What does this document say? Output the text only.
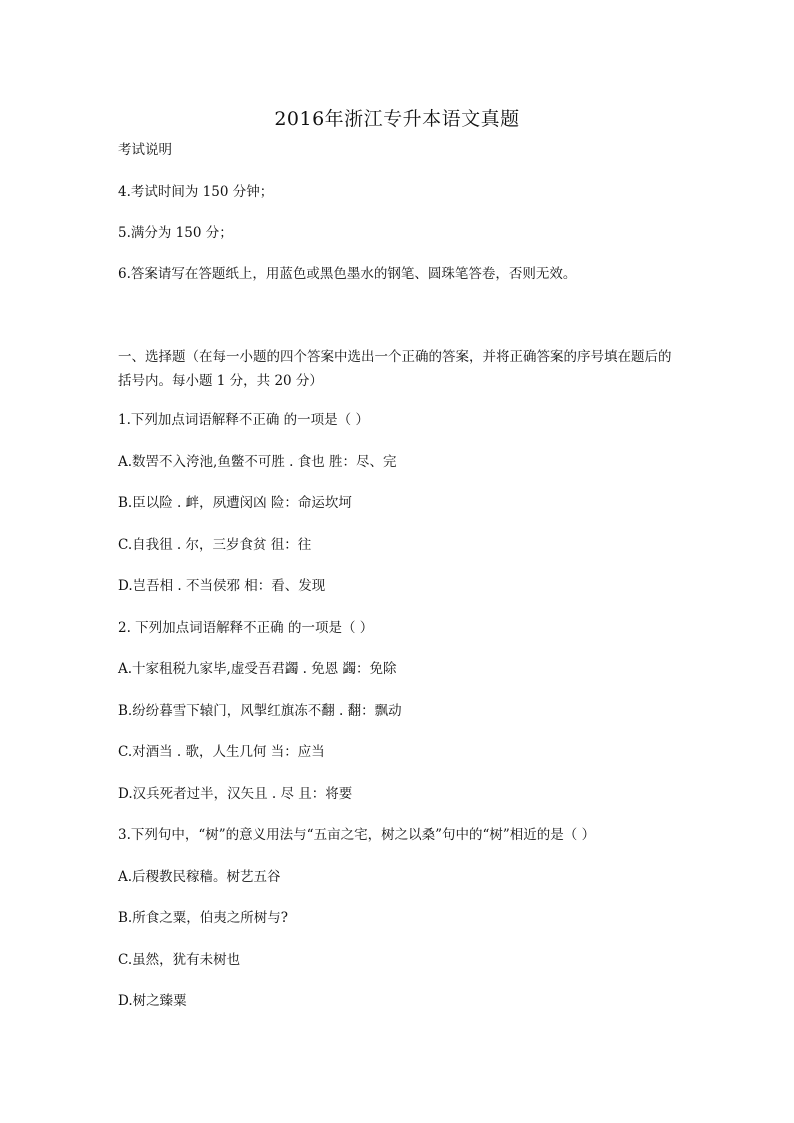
2016年浙江专升本语文真题
考试说明
4.考试时间为 150 分钟；
5.满分为 150 分；
6.答案请写在答题纸上，用蓝色或黑色墨水的钢笔、圆珠笔答卷，否则无效。
一、选择题（在每一小题的四个答案中选出一个正确的答案，并将正确答案的序号填在题后的括号内。每小题 1 分，共 20 分）
1.下列加点词语解释不正确 的一项是（ ）
A.数罟不入洿池,鱼鳖不可胜 . 食也 胜：尽、完
B.臣以险 . 衅，夙遭闵凶 险：命运坎坷
C.自我徂 . 尔，三岁食贫 徂：往
D.岂吾相 . 不当侯邪 相：看、发现
2. 下列加点词语解释不正确 的一项是（ ）
A.十家租税九家毕,虚受吾君蠲 . 免恩 蠲：免除
B.纷纷暮雪下辕门，风掣红旗冻不翻 . 翻：飘动
C.对酒当 . 歌，人生几何 当：应当
D.汉兵死者过半，汉矢且 . 尽 且：将要
3.下列句中，“树”的意义用法与“五亩之宅，树之以桑”句中的“树”相近的是（ ）
A.后稷教民稼穑。树艺五谷
B.所食之粟，伯夷之所树与?
C.虽然，犹有未树也
D.树之臻粟
